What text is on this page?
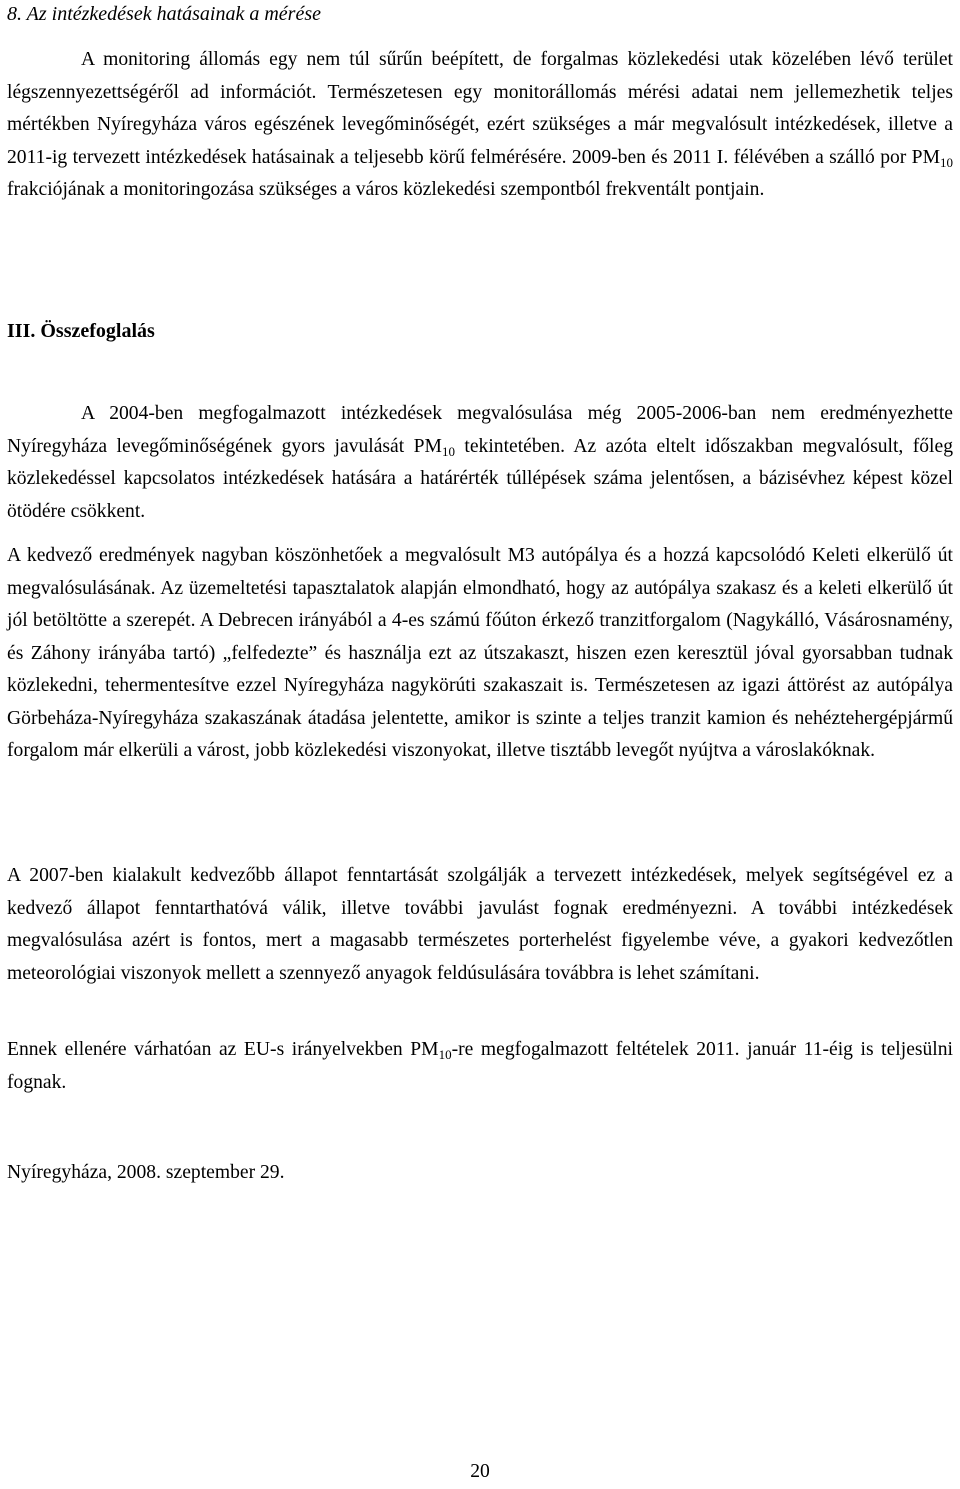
8. Az intézkedések hatásainak a mérése

A monitoring állomás egy nem túl sűrűn beépített, de forgalmas közlekedési utak közelében lévő terület légszennyezettségéről ad információt. Természetesen egy monitorállomás mérési adatai nem jellemezhetik teljes mértékben Nyíregyháza város egészének levegőminőségét, ezért szükséges a már megvalósult intézkedések, illetve a 2011-ig tervezett intézkedések hatásainak a teljesebb körű felmérésére. 2009-ben és 2011 I. félévében a szálló por $PM_{10}$ frakciójának a monitoringozása szükséges a város közlekedési szempontból frekventált pontjain.

III. Összefoglalás

A 2004-ben megfogalmazott intézkedések megvalósulása még 2005-2006-ban nem eredményezhette Nyíregyháza levegőminőségének gyors javulását $PM_{10}$ tekintetében. Az azóta eltelt időszakban megvalósult, főleg közlekedéssel kapcsolatos intézkedések hatására a határérték túllépések száma jelentősen, a bázisévhez képest közel ötödére csökkent.

A kedvező eredmények nagyban köszönhetőek a megvalósult M3 autópálya és a hozzá kapcsolódó Keleti elkerülő út megvalósulásának. Az üzemeltetési tapasztalatok alapján elmondható, hogy az autópálya szakasz és a keleti elkerülő út jól betöltötte a szerepét. A Debrecen irányából a 4-es számú főúton érkező tranzitforgalom (Nagykálló, Vásárosnamény, és Záhony irányába tartó) „felfedezte” és használja ezt az útszakaszt, hiszen ezen keresztül jóval gyorsabban tudnak közlekedni, tehermentesítve ezzel Nyíregyháza nagykörúti szakaszait is. Természetesen az igazi áttörést az autópálya Görbeháza-Nyíregyháza szakaszának átadása jelentette, amikor is szinte a teljes tranzit kamion és nehéztehergépjármű forgalom már elkerüli a várost, jobb közlekedési viszonyokat, illetve tisztább levegőt nyújtva a városlakóknak.

A 2007-ben kialakult kedvezőbb állapot fenntartását szolgálják a tervezett intézkedések, melyek segítségével ez a kedvező állapot fenntarthatóvá válik, illetve további javulást fognak eredményezni. A további intézkedések megvalósulása azért is fontos, mert a magasabb természetes porterhelést figyelembe véve, a gyakori kedvezőtlen meteorológiai viszonyok mellett a szennyező anyagok feldúsulására továbbra is lehet számítani.

Ennek ellenére várhatóan az EU-s irányelvekben $PM_{10}-re$ megfogalmazott feltételek 2011. január 11-éig is teljesülni fognak.

Nyíregyháza, 2008. szeptember 29.
20
